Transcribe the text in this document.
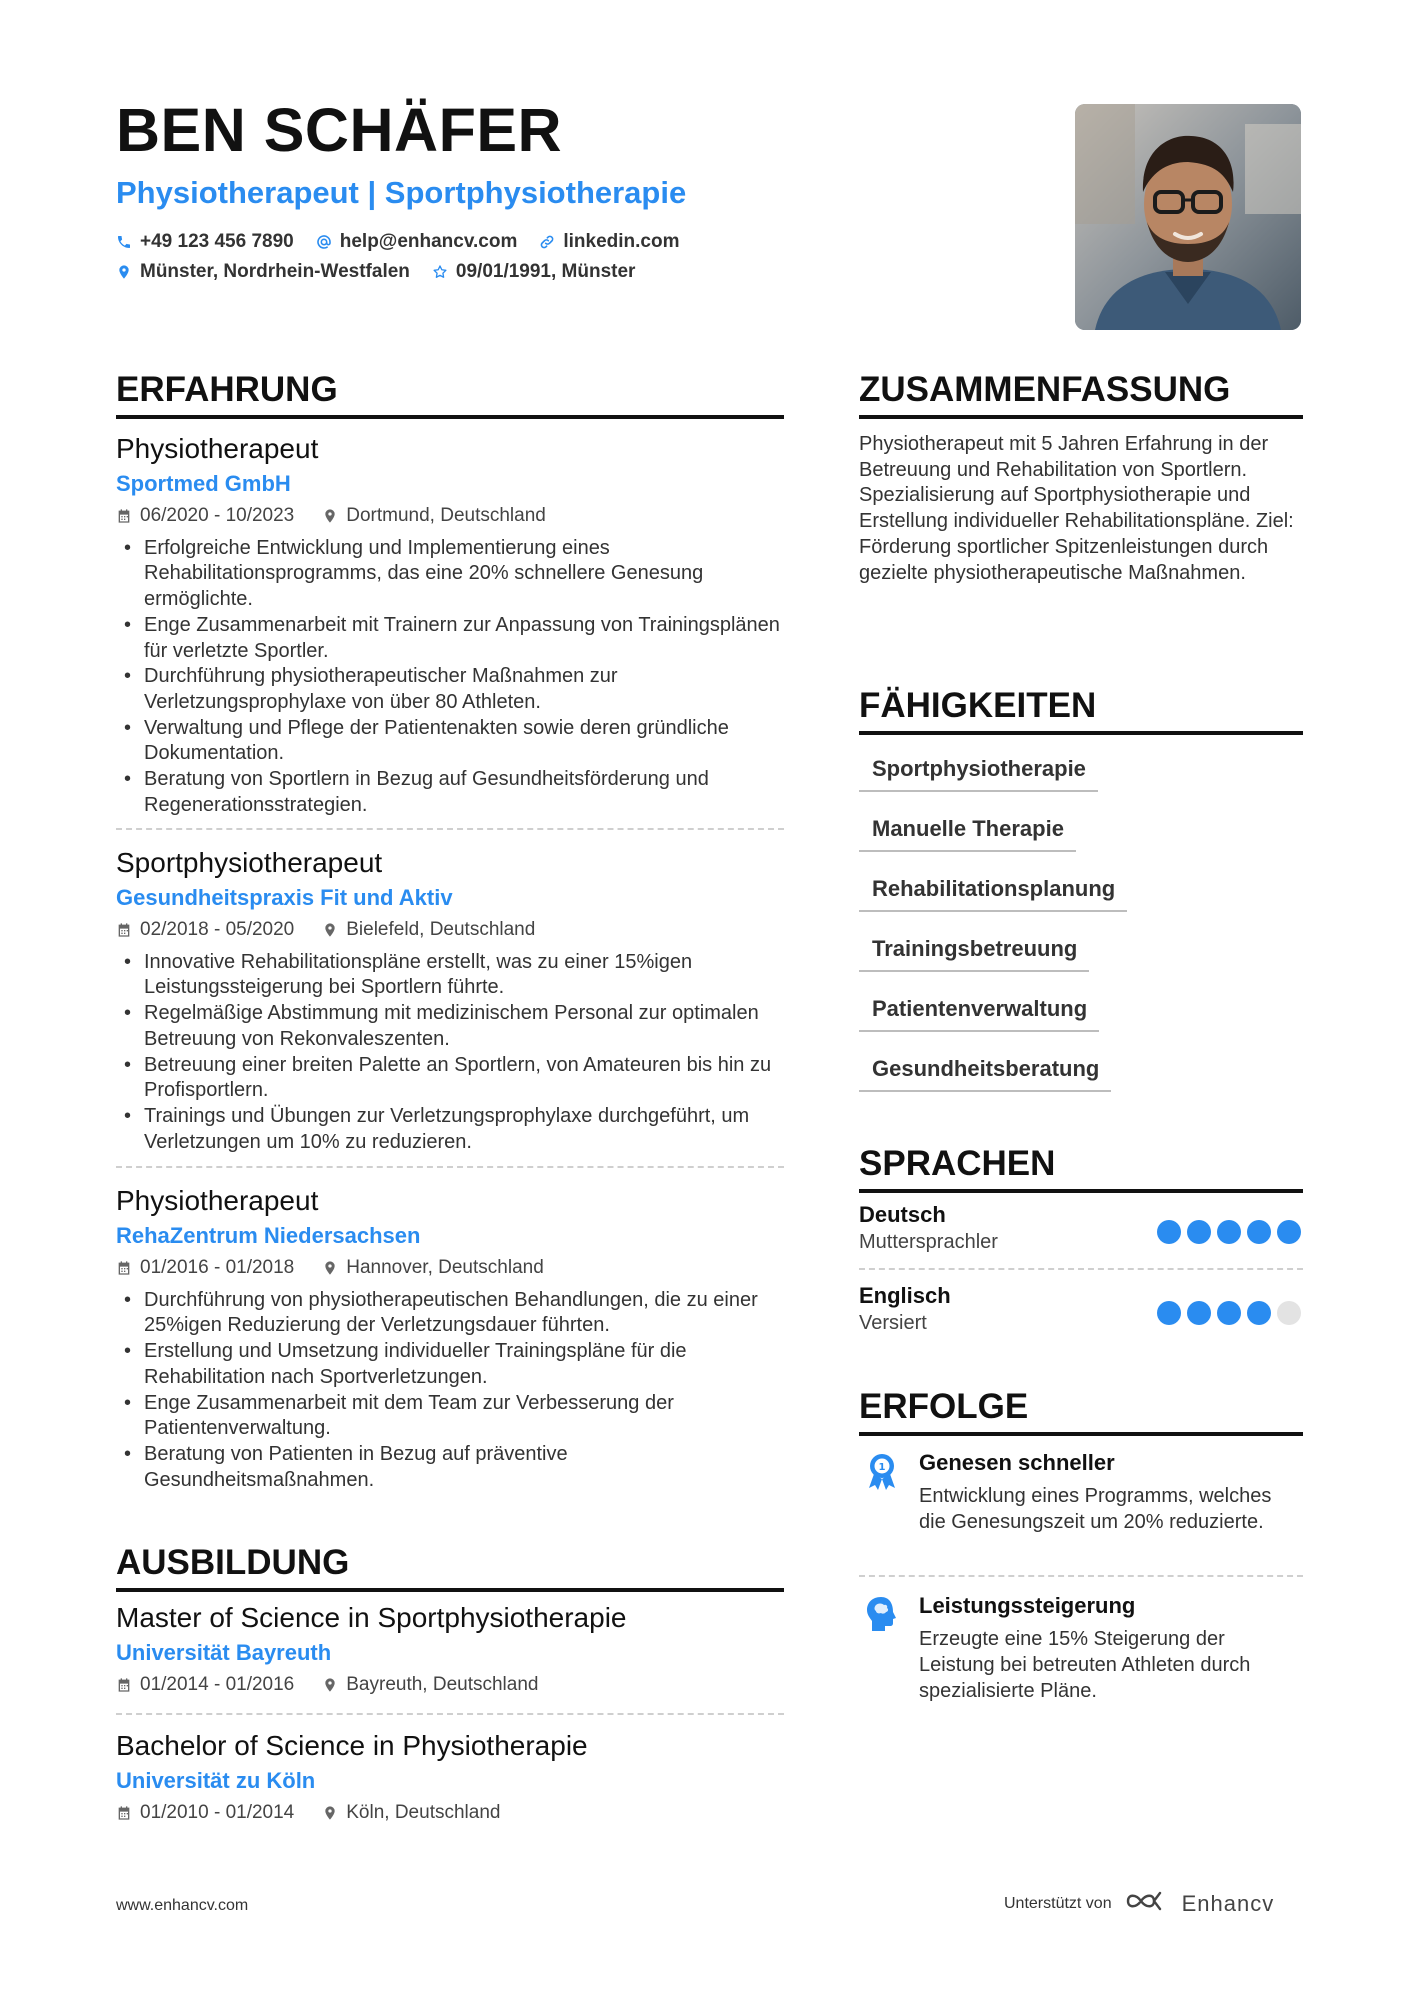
BEN SCHÄFER
Physiotherapeut | Sportphysiotherapie
+49 123 456 7890 help@enhancv.com linkedin.com
Münster, Nordrhein-Westfalen 09/01/1991, Münster
ERFAHRUNG
Physiotherapeut
Sportmed GmbH
06/2020 - 10/2023	Dortmund, Deutschland
• Erfolgreiche Entwicklung und Implementierung eines Rehabilitationsprogramms, das eine 20% schnellere Genesung ermöglichte.
• Enge Zusammenarbeit mit Trainern zur Anpassung von Trainingsplänen für verletzte Sportler.
• Durchführung physiotherapeutischer Maßnahmen zur Verletzungsprophylaxe von über 80 Athleten.
• Verwaltung und Pflege der Patientenakten sowie deren gründliche Dokumentation.
• Beratung von Sportlern in Bezug auf Gesundheitsförderung und Regenerationsstrategien.
Sportphysiotherapeut
Gesundheitspraxis Fit und Aktiv
02/2018 - 05/2020	Bielefeld, Deutschland
• Innovative Rehabilitationspläne erstellt, was zu einer 15%igen Leistungssteigerung bei Sportlern führte.
• Regelmäßige Abstimmung mit medizinischem Personal zur optimalen Betreuung von Rekonvaleszenten.
• Betreuung einer breiten Palette an Sportlern, von Amateuren bis hin zu Profisportlern.
• Trainings und Übungen zur Verletzungsprophylaxe durchgeführt, um Verletzungen um 10% zu reduzieren.
Physiotherapeut
RehaZentrum Niedersachsen
01/2016 - 01/2018	Hannover, Deutschland
• Durchführung von physiotherapeutischen Behandlungen, die zu einer 25%igen Reduzierung der Verletzungsdauer führten.
• Erstellung und Umsetzung individueller Trainingspläne für die Rehabilitation nach Sportverletzungen.
• Enge Zusammenarbeit mit dem Team zur Verbesserung der Patientenverwaltung.
• Beratung von Patienten in Bezug auf präventive Gesundheitsmaßnahmen.
AUSBILDUNG
Master of Science in Sportphysiotherapie
Universität Bayreuth
01/2014 - 01/2016	Bayreuth, Deutschland
Bachelor of Science in Physiotherapie
Universität zu Köln
01/2010 - 01/2014	Köln, Deutschland
ZUSAMMENFASSUNG
Physiotherapeut mit 5 Jahren Erfahrung in der Betreuung und Rehabilitation von Sportlern. Spezialisierung auf Sportphysiotherapie und Erstellung individueller Rehabilitationspläne. Ziel: Förderung sportlicher Spitzenleistungen durch gezielte physiotherapeutische Maßnahmen.
FÄHIGKEITEN
Sportphysiotherapie
Manuelle Therapie
Rehabilitationsplanung
Trainingsbetreuung
Patientenverwaltung
Gesundheitsberatung
SPRACHEN
Deutsch
Muttersprachler
Englisch
Versiert
ERFOLGE
1 Genesen schneller
Entwicklung eines Programms, welches die Genesungszeit um 20% reduzierte.
Leistungssteigerung
Erzeugte eine 15% Steigerung der Leistung bei betreuten Athleten durch spezialisierte Pläne.
www.enhancv.com	Unterstützt von	Enhancv
